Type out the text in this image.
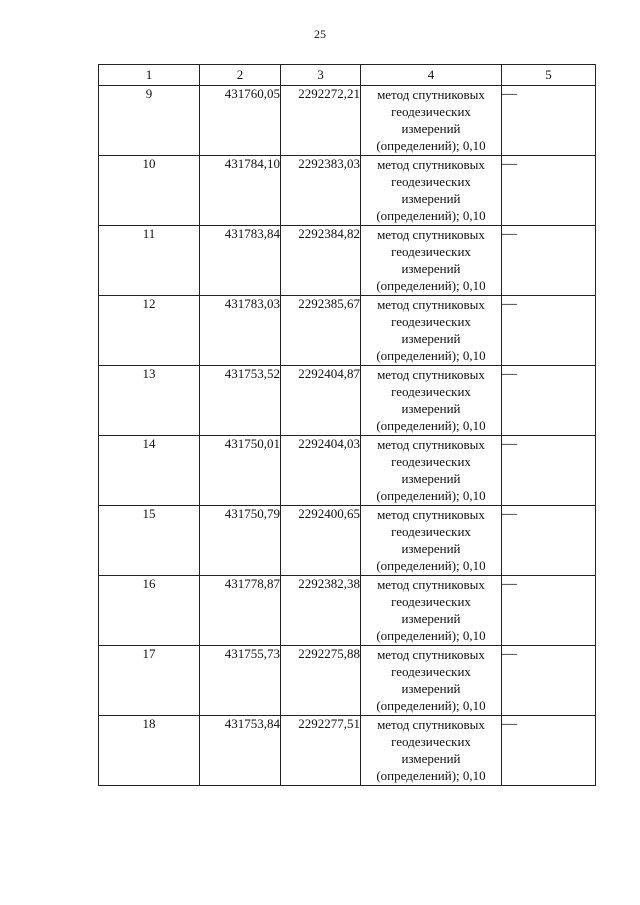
25
1	2	3	4	5
9	431760,05	2292272,21	метод спутниковых
геодезических
измерений
(определений); 0,10	—
10	431784,10	2292383,03	метод спутниковых
геодезических
измерений
(определений); 0,10	—
11	431783,84	2292384,82	метод спутниковых
геодезических
измерений
(определений); 0,10	—
12	431783,03	2292385,67	метод спутниковых
геодезических
измерений
(определений); 0,10	—
13	431753,52	2292404,87	метод спутниковых
геодезических
измерений
(определений); 0,10	—
14	431750,01	2292404,03	метод спутниковых
геодезических
измерений
(определений); 0,10	—
15	431750,79	2292400,65	метод спутниковых
геодезических
измерений
(определений); 0,10	—
16	431778,87	2292382,38	метод спутниковых
геодезических
измерений
(определений); 0,10	—
17	431755,73	2292275,88	метод спутниковых
геодезических
измерений
(определений); 0,10	—
18	431753,84	2292277,51	метод спутниковых
геодезических
измерений
(определений); 0,10	—
